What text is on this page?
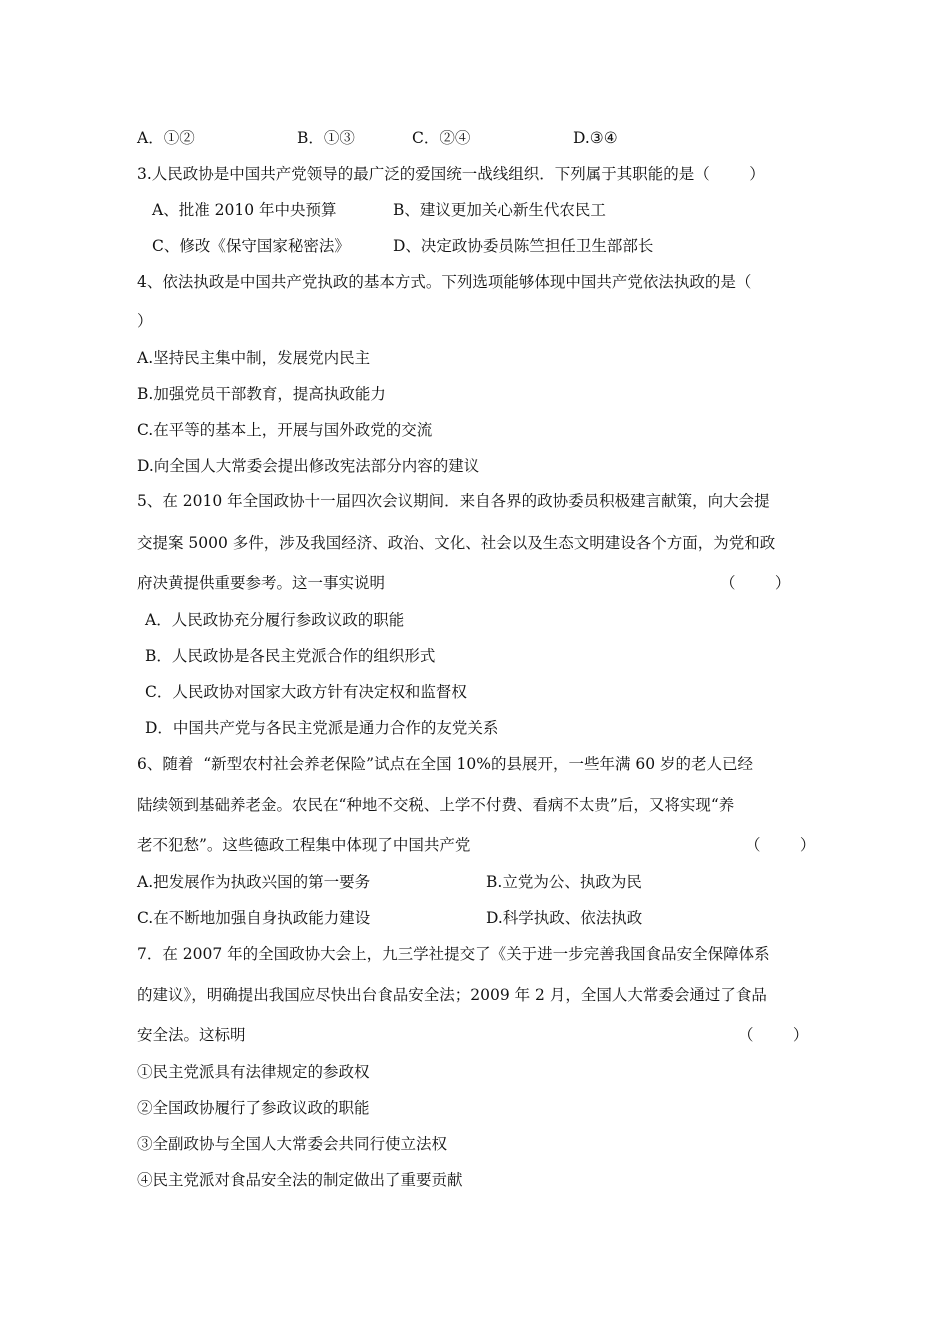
A．①②	B．①③	C．②④	D.③④
3.人民政协是中国共产党领导的最广泛的爱国统一战线组织．下列属于其职能的是（        ）
A、批准 2010 年中央预算	B、建议更加关心新生代农民工
C、修改《保守国家秘密法》	D、决定政协委员陈竺担任卫生部部长
4、依法执政是中国共产党执政的基本方式。下列选项能够体现中国共产党依法执政的是（
）
A.坚持民主集中制，发展党内民主
B.加强党员干部教育，提高执政能力
C.在平等的基本上，开展与国外政党的交流
D.向全国人大常委会提出修改宪法部分内容的建议
5、在 2010 年全国政协十一届四次会议期间．来自各界的政协委员积极建言献策，向大会提
交提案 5000 多件，涉及我国经济、政治、文化、社会以及生态文明建设各个方面，为党和政
府决黄提供重要参考。这一事实说明	（        ）
A．人民政协充分履行参政议政的职能
B．人民政协是各民主党派合作的组织形式
C．人民政协对国家大政方针有决定权和监督权
D．中国共产党与各民主党派是通力合作的友党关系
6、随着  “新型农村社会养老保险”试点在全国 10%的县展开，一些年满 60 岁的老人已经
陆续领到基础养老金。农民在“种地不交税、上学不付费、看病不太贵”后，又将实现“养
老不犯愁”。这些德政工程集中体现了中国共产党	（        ）
A.把发展作为执政兴国的第一要务	B.立党为公、执政为民
C.在不断地加强自身执政能力建设	D.科学执政、依法执政
7．在 2007 年的全国政协大会上，九三学社提交了《关于进一步完善我国食品安全保障体系
的建议》，明确提出我国应尽快出台食品安全法；2009 年 2 月，全国人大常委会通过了食品
安全法。这标明	（        ）
①民主党派具有法律规定的参政权
②全国政协履行了参政议政的职能
③全副政协与全国人大常委会共同行使立法权
④民主党派对食品安全法的制定做出了重要贡献
